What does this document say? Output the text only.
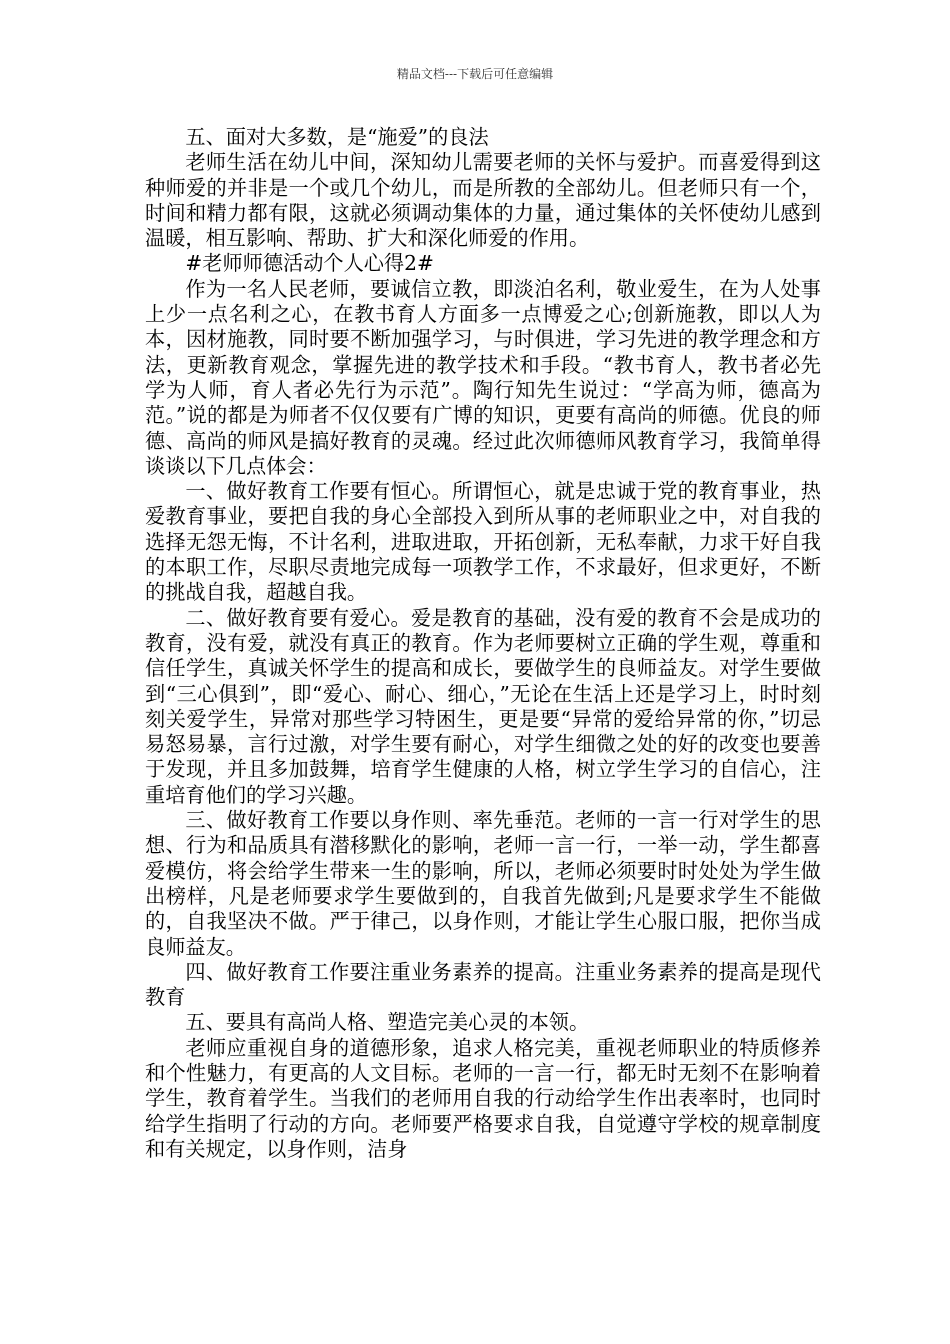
精品文档---下载后可任意编辑

五、面对大多数，是“施爱”的良法

老师生活在幼儿中间，深知幼儿需要老师的关怀与爱护。而喜爱得到这种师爱的并非是一个或几个幼儿，而是所教的全部幼儿。但老师只有一个，时间和精力都有限，这就必须调动集体的力量，通过集体的关怀使幼儿感到温暖，相互影响、帮助、扩大和深化师爱的作用。

#老师师德活动个人心得2#

作为一名人民老师，要诚信立教，即淡泊名利，敬业爱生，在为人处事上少一点名利之心，在教书育人方面多一点博爱之心;创新施教，即以人为本，因材施教，同时要不断加强学习，与时俱进，学习先进的教学理念和方法，更新教育观念，掌握先进的教学技术和手段。“教书育人，教书者必先学为人师，育人者必先行为示范”。陶行知先生说过：“学高为师，德高为范。”说的都是为师者不仅仅要有广博的知识，更要有高尚的师德。优良的师德、高尚的师风是搞好教育的灵魂。经过此次师德师风教育学习，我简单得谈谈以下几点体会：

一、做好教育工作要有恒心。所谓恒心，就是忠诚于党的教育事业，热爱教育事业，要把自我的身心全部投入到所从事的老师职业之中，对自我的选择无怨无悔，不计名利，进取进取，开拓创新，无私奉献，力求干好自我的本职工作，尽职尽责地完成每一项教学工作，不求最好，但求更好，不断的挑战自我，超越自我。

二、做好教育要有爱心。爱是教育的基础，没有爱的教育不会是成功的教育，没有爱，就没有真正的教育。作为老师要树立正确的学生观，尊重和信任学生，真诚关怀学生的提高和成长，要做学生的良师益友。对学生要做到“三心俱到”，即“爱心、耐心、细心，”无论在生活上还是学习上，时时刻刻关爱学生，异常对那些学习特困生，更是要“异常的爱给异常的你，”切忌易怒易暴，言行过激，对学生要有耐心，对学生细微之处的好的改变也要善于发现，并且多加鼓舞，培育学生健康的人格，树立学生学习的自信心，注重培育他们的学习兴趣。

三、做好教育工作要以身作则、率先垂范。老师的一言一行对学生的思想、行为和品质具有潜移默化的影响，老师一言一行，一举一动，学生都喜爱模仿，将会给学生带来一生的影响，所以，老师必须要时时处处为学生做出榜样，凡是老师要求学生要做到的，自我首先做到;凡是要求学生不能做的，自我坚决不做。严于律己，以身作则，才能让学生心服口服，把你当成良师益友。

四、做好教育工作要注重业务素养的提高。注重业务素养的提高是现代教育

五、要具有高尚人格、塑造完美心灵的本领。

老师应重视自身的道德形象，追求人格完美，重视老师职业的特质修养和个性魅力，有更高的人文目标。老师的一言一行，都无时无刻不在影响着学生，教育着学生。当我们的老师用自我的行动给学生作出表率时，也同时给学生指明了行动的方向。老师要严格要求自我，自觉遵守学校的规章制度和有关规定，以身作则，洁身
